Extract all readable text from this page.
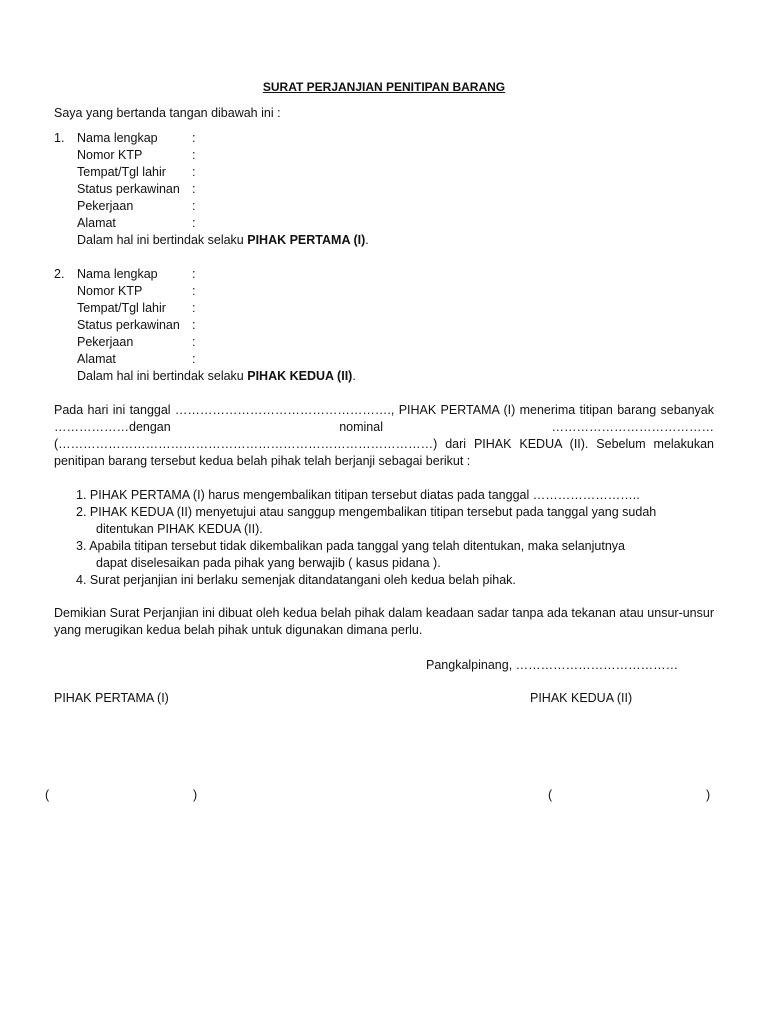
SURAT PERJANJIAN PENITIPAN BARANG
Saya yang bertanda tangan dibawah ini :
1. Nama lengkap	:
Nomor KTP	:
Tempat/Tgl lahir :
Status perkawinan :
Pekerjaan	:
Alamat	:
Dalam hal ini bertindak selaku PIHAK PERTAMA (I).
2. Nama lengkap	:
Nomor KTP	:
Tempat/Tgl lahir :
Status perkawinan :
Pekerjaan	:
Alamat	:
Dalam hal ini bertindak selaku PIHAK KEDUA (II).
Pada hari ini tanggal ……………………………………………., PIHAK PERTAMA (I) menerima titipan barang sebanyak ………………dengan nominal ………………………………… (………………………………………………………………………………) dari PIHAK KEDUA (II). Sebelum melakukan penitipan barang tersebut kedua belah pihak telah berjanji sebagai berikut :
1. PIHAK PERTAMA (I) harus mengembalikan titipan tersebut diatas pada tanggal ……………………..
2. PIHAK KEDUA (II) menyetujui atau sanggup mengembalikan titipan tersebut pada tanggal yang sudah
ditentukan PIHAK KEDUA (II).
3. Apabila titipan tersebut tidak dikembalikan pada tanggal yang telah ditentukan, maka selanjutnya
dapat diselesaikan pada pihak yang berwajib ( kasus pidana ).
4. Surat perjanjian ini berlaku semenjak ditandatangani oleh kedua belah pihak.
Demikian Surat Perjanjian ini dibuat oleh kedua belah pihak dalam keadaan sadar tanpa ada tekanan atau unsur-unsur yang merugikan kedua belah pihak untuk digunakan dimana perlu.
Pangkalpinang, …………………………………
PIHAK PERTAMA (I)	PIHAK KEDUA (II)
(	)	(	)
